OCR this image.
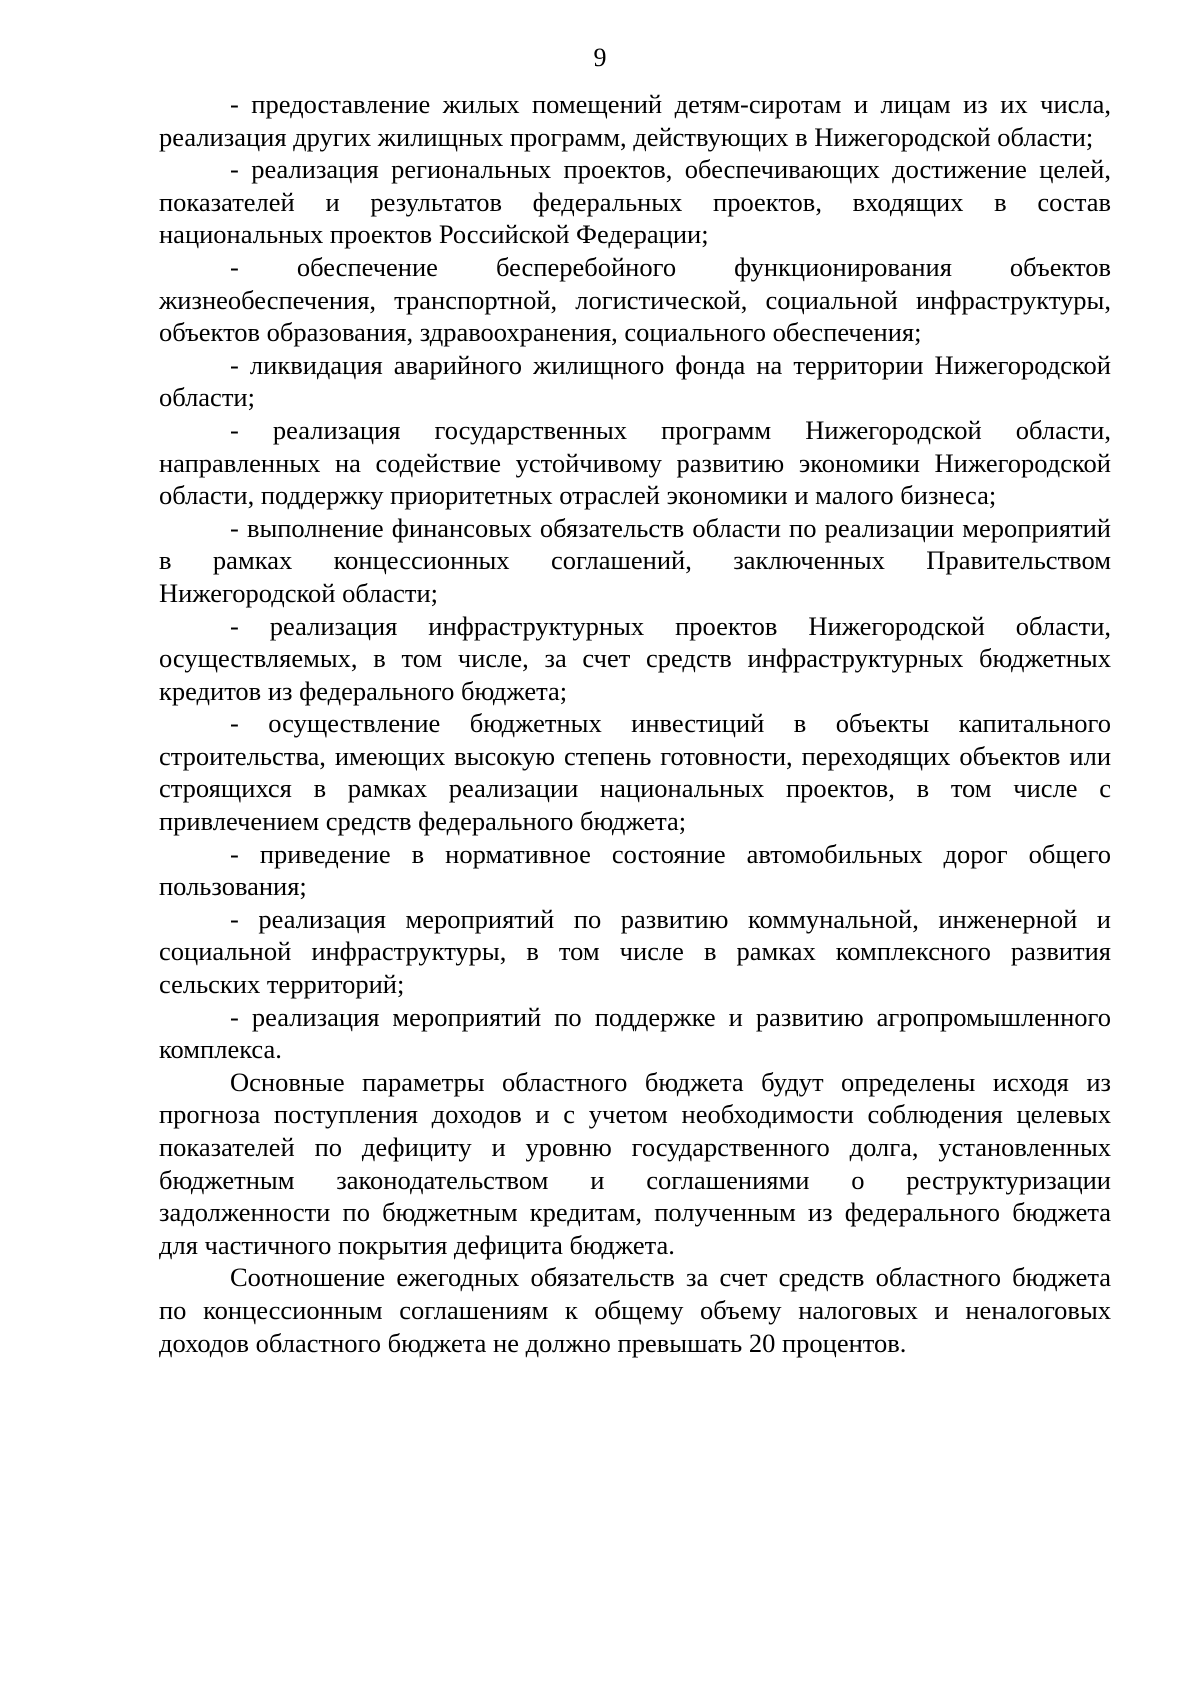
9

- предоставление жилых помещений детям-сиротам и лицам из их числа, реализация других жилищных программ, действующих в Нижегородской области;

- реализация региональных проектов, обеспечивающих достижение целей, показателей и результатов федеральных проектов, входящих в состав национальных проектов Российской Федерации;

- обеспечение бесперебойного функционирования объектов жизнеобеспечения, транспортной, логистической, социальной инфраструктуры, объектов образования, здравоохранения, социального обеспечения;

- ликвидация аварийного жилищного фонда на территории Нижегородской области;

- реализация государственных программ Нижегородской области, направленных на содействие устойчивому развитию экономики Нижегородской области, поддержку приоритетных отраслей экономики и малого бизнеса;

- выполнение финансовых обязательств области по реализации мероприятий в рамках концессионных соглашений, заключенных Правительством Нижегородской области;

- реализация инфраструктурных проектов Нижегородской области, осуществляемых, в том числе, за счет средств инфраструктурных бюджетных кредитов из федерального бюджета;

- осуществление бюджетных инвестиций в объекты капитального строительства, имеющих высокую степень готовности, переходящих объектов или строящихся в рамках реализации национальных проектов, в том числе с привлечением средств федерального бюджета;

- приведение в нормативное состояние автомобильных дорог общего пользования;

- реализация мероприятий по развитию коммунальной, инженерной и социальной инфраструктуры, в том числе в рамках комплексного развития сельских территорий;

- реализация мероприятий по поддержке и развитию агропромышленного комплекса.

Основные параметры областного бюджета будут определены исходя из прогноза поступления доходов и с учетом необходимости соблюдения целевых показателей по дефициту и уровню государственного долга, установленных бюджетным законодательством и соглашениями о реструктуризации задолженности по бюджетным кредитам, полученным из федерального бюджета для частичного покрытия дефицита бюджета.

Соотношение ежегодных обязательств за счет средств областного бюджета по концессионным соглашениям к общему объему налоговых и неналоговых доходов областного бюджета не должно превышать 20 процентов.
